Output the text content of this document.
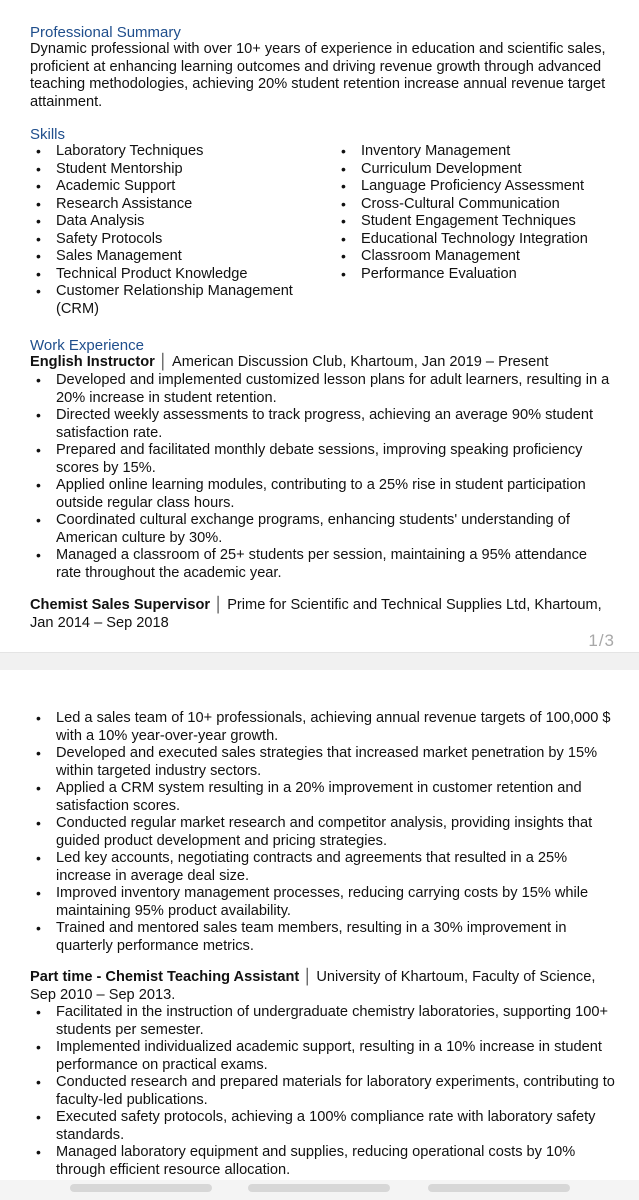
Professional Summary

Dynamic professional with over 10+ years of experience in education and scientific sales, proficient at enhancing learning outcomes and driving revenue growth through advanced teaching methodologies, achieving 20% student retention increase annual revenue target attainment.

Skills
• Laboratory Techniques
• Student Mentorship
• Academic Support
• Research Assistance
• Data Analysis
• Safety Protocols
• Sales Management
• Technical Product Knowledge
• Customer Relationship Management (CRM)
• Inventory Management
• Curriculum Development
• Language Proficiency Assessment
• Cross-Cultural Communication
• Student Engagement Techniques
• Educational Technology Integration
• Classroom Management
• Performance Evaluation
Work Experience
English Instructor │ American Discussion Club, Khartoum, Jan 2019 – Present
• Developed and implemented customized lesson plans for adult learners, resulting in a 20% increase in student retention.
• Directed weekly assessments to track progress, achieving an average 90% student satisfaction rate.
• Prepared and facilitated monthly debate sessions, improving speaking proficiency scores by 15%.
• Applied online learning modules, contributing to a 25% rise in student participation outside regular class hours.
• Coordinated cultural exchange programs, enhancing students' understanding of American culture by 30%.
• Managed a classroom of 25+ students per session, maintaining a 95% attendance rate throughout the academic year.
Chemist Sales Supervisor │ Prime for Scientific and Technical Supplies Ltd, Khartoum, Jan 2014 – Sep 2018
1/3
• Led a sales team of 10+ professionals, achieving annual revenue targets of 100,000 $ with a 10% year-over-year growth.
• Developed and executed sales strategies that increased market penetration by 15% within targeted industry sectors.
• Applied a CRM system resulting in a 20% improvement in customer retention and satisfaction scores.
• Conducted regular market research and competitor analysis, providing insights that guided product development and pricing strategies.
• Led key accounts, negotiating contracts and agreements that resulted in a 25% increase in average deal size.
• Improved inventory management processes, reducing carrying costs by 15% while maintaining 95% product availability.
• Trained and mentored sales team members, resulting in a 30% improvement in quarterly performance metrics.
Part time - Chemist Teaching Assistant │ University of Khartoum, Faculty of Science, Sep 2010 – Sep 2013.
• Facilitated in the instruction of undergraduate chemistry laboratories, supporting 100+ students per semester.
• Implemented individualized academic support, resulting in a 10% increase in student performance on practical exams.
• Conducted research and prepared materials for laboratory experiments, contributing to faculty-led publications.
• Executed safety protocols, achieving a 100% compliance rate with laboratory safety standards.
• Managed laboratory equipment and supplies, reducing operational costs by 10% through efficient resource allocation.
